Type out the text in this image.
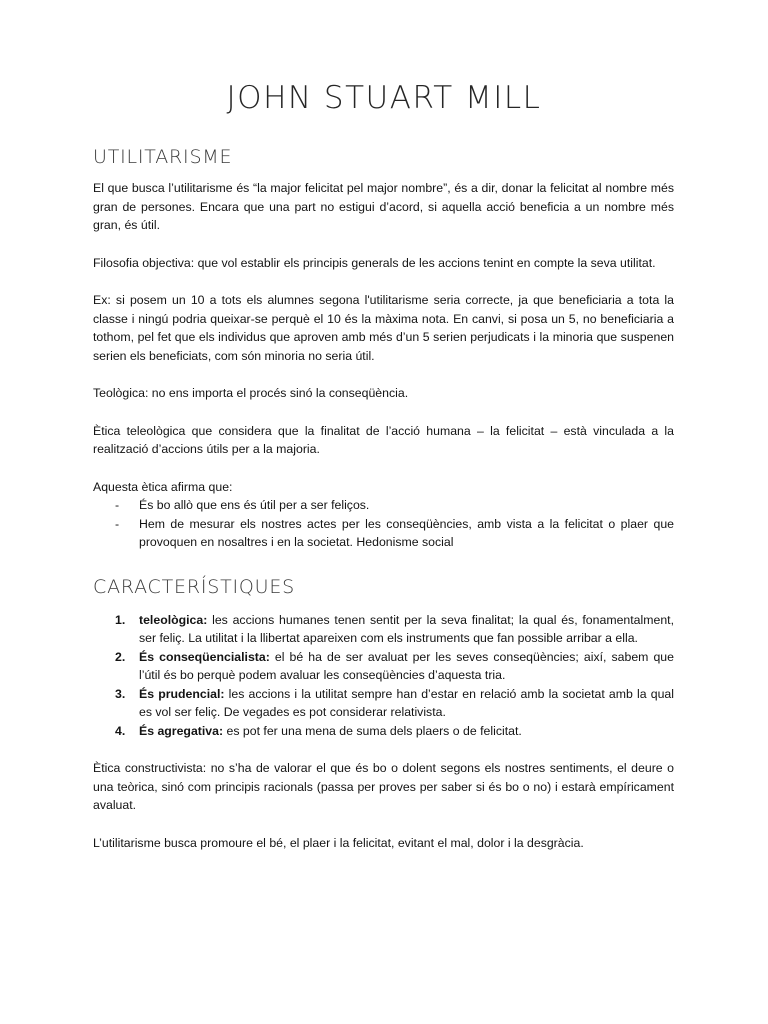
JOHN STUART MILL
UTILITARISME

El que busca l’utilitarisme és “la major felicitat pel major nombre”, és a dir, donar la felicitat al nombre més gran de persones. Encara que una part no estigui d’acord, si aquella acció beneficia a un nombre més gran, és útil.

Filosofia objectiva: que vol establir els principis generals de les accions tenint en compte la seva utilitat.

Ex: si posem un 10 a tots els alumnes segona l'utilitarisme seria correcte, ja que beneficiaria a tota la classe i ningú podria queixar-se perquè el 10 és la màxima nota. En canvi, si posa un 5, no beneficiaria a tothom, pel fet que els individus que aproven amb més d’un 5 serien perjudicats i la minoria que suspenen serien els beneficiats, com són minoria no seria útil.

Teològica: no ens importa el procés sinó la conseqüència.

Ètica teleològica que considera que la finalitat de l’acció humana – la felicitat – està vinculada a la realització d’accions útils per a la majoria.

Aquesta ètica afirma que:

- És bo allò que ens és útil per a ser feliços.
- Hem de mesurar els nostres actes per les conseqüències, amb vista a la felicitat o plaer que provoquen en nosaltres i en la societat. Hedonisme social
CARACTERÍSTIQUES
1. teleològica: les accions humanes tenen sentit per la seva finalitat; la qual és, fonamentalment, ser feliç. La utilitat i la llibertat apareixen com els instruments que fan possible arribar a ella.
2. És conseqüencialista: el bé ha de ser avaluat per les seves conseqüències; així, sabem que l’útil és bo perquè podem avaluar les conseqüències d’aquesta tria.
3. És prudencial: les accions i la utilitat sempre han d’estar en relació amb la societat amb la qual es vol ser feliç. De vegades es pot considerar relativista.
4. És agregativa: es pot fer una mena de suma dels plaers o de felicitat.

Ètica constructivista: no s’ha de valorar el que és bo o dolent segons els nostres sentiments, el deure o una teòrica, sinó com principis racionals (passa per proves per saber si és bo o no) i estarà empíricament avaluat.

L’utilitarisme busca promoure el bé, el plaer i la felicitat, evitant el mal, dolor i la desgràcia.
